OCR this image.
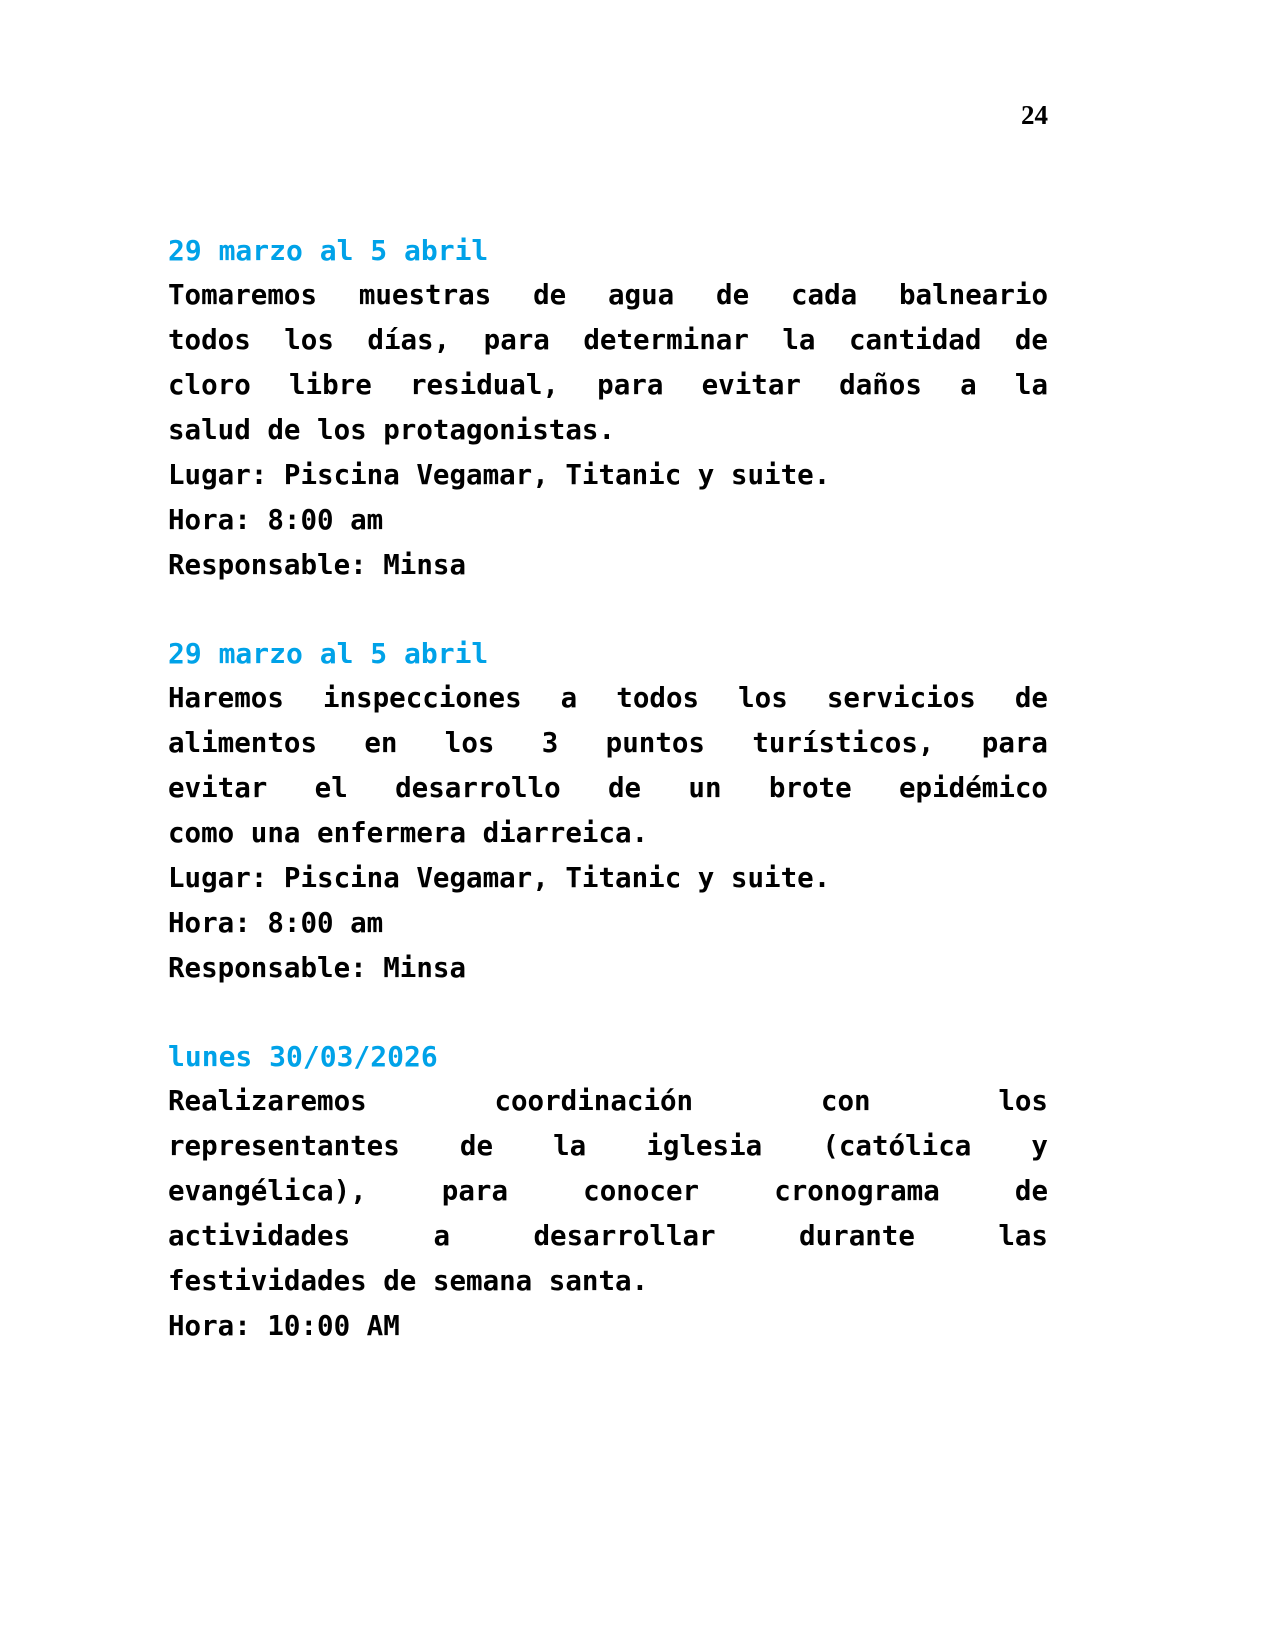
24
29 marzo al 5 abril
Tomaremos muestras de agua de cada balneario
todos los días, para determinar la cantidad de
cloro libre residual, para evitar daños a la
salud de los protagonistas.
Lugar: Piscina Vegamar, Titanic y suite.
Hora: 8:00 am
Responsable: Minsa
29 marzo al 5 abril
Haremos inspecciones a todos los servicios de
alimentos en los 3 puntos turísticos, para
evitar el desarrollo de un brote epidémico
como una enfermera diarreica.
Lugar: Piscina Vegamar, Titanic y suite.
Hora: 8:00 am
Responsable: Minsa
lunes 30/03/2026
Realizaremos coordinación con los
representantes de la iglesia (católica y
evangélica), para conocer cronograma de
actividades a desarrollar durante las
festividades de semana santa.
Hora: 10:00 AM
